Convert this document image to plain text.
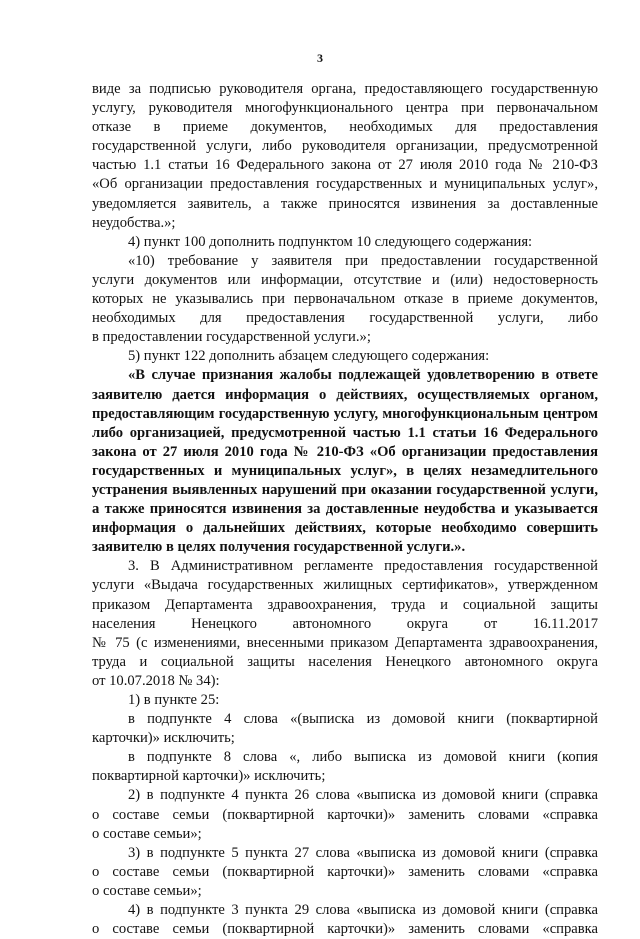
3
виде за подписью руководителя органа, предоставляющего государственную
услугу, руководителя многофункционального центра при первоначальном
отказе в приеме документов, необходимых для предоставления
государственной услуги, либо руководителя организации, предусмотренной
частью 1.1 статьи 16 Федерального закона от 27 июля 2010 года № 210-ФЗ
«Об организации предоставления государственных и муниципальных услуг»,
уведомляется заявитель, а также приносятся извинения за доставленные
неудобства.»;
4) пункт 100 дополнить подпунктом 10 следующего содержания:
«10) требование у заявителя при предоставлении государственной
услуги документов или информации, отсутствие и (или) недостоверность
которых не указывались при первоначальном отказе в приеме документов,
необходимых для предоставления государственной услуги, либо
в предоставлении государственной услуги.»;
5) пункт 122 дополнить абзацем следующего содержания:
«В случае признания жалобы подлежащей удовлетворению в ответе
заявителю дается информация о действиях, осуществляемых органом,
предоставляющим государственную услугу, многофункциональным центром
либо организацией, предусмотренной частью 1.1 статьи 16 Федерального
закона от 27 июля 2010 года № 210-ФЗ «Об организации предоставления
государственных и муниципальных услуг», в целях незамедлительного
устранения выявленных нарушений при оказании государственной услуги,
а также приносятся извинения за доставленные неудобства и указывается
информация о дальнейших действиях, которые необходимо совершить
заявителю в целях получения государственной услуги.».
3. В Административном регламенте предоставления государственной
услуги «Выдача государственных жилищных сертификатов», утвержденном
приказом Департамента здравоохранения, труда и социальной защиты
населения Ненецкого автономного округа от 16.11.2017
№ 75 (с изменениями, внесенными приказом Департамента здравоохранения,
труда и социальной защиты населения Ненецкого автономного округа
от 10.07.2018 № 34):
1) в пункте 25:
в подпункте 4 слова «(выписка из домовой книги (поквартирной
карточки)» исключить;
в подпункте 8 слова «, либо выписка из домовой книги (копия
поквартирной карточки)» исключить;
2) в подпункте 4 пункта 26 слова «выписка из домовой книги (справка
о составе семьи (поквартирной карточки)» заменить словами «справка
о составе семьи»;
3) в подпункте 5 пункта 27 слова «выписка из домовой книги (справка
о составе семьи (поквартирной карточки)» заменить словами «справка
о составе семьи»;
4) в подпункте 3 пункта 29 слова «выписка из домовой книги (справка
о составе семьи (поквартирной карточки)» заменить словами «справка
